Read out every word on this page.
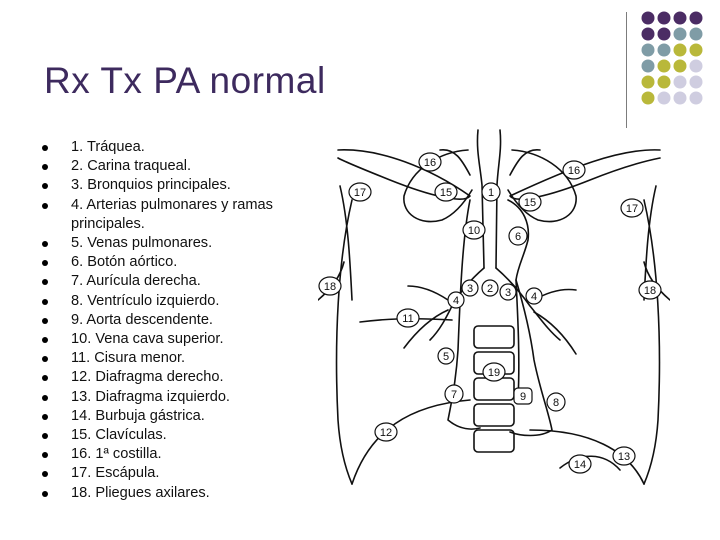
Rx Tx PA normal
1. Tráquea.
2. Carina traqueal.
3. Bronquios principales.
4. Arterias pulmonares y ramas principales.
5. Venas pulmonares.
6. Botón aórtico.
7. Aurícula derecha.
8. Ventrículo izquierdo.
9. Aorta descendente.
10. Vena cava superior.
11. Cisura menor.
12. Diafragma derecho.
13. Diafragma izquierdo.
14. Burbuja gástrica.
15. Clavículas.
16. 1ª costilla.
17. Escápula.
18. Pliegues axilares.
1
2
3	3
4	4
5
6
7
8
9
10
11
12
13
14
15
15
16
16
17
17
18	18
19
